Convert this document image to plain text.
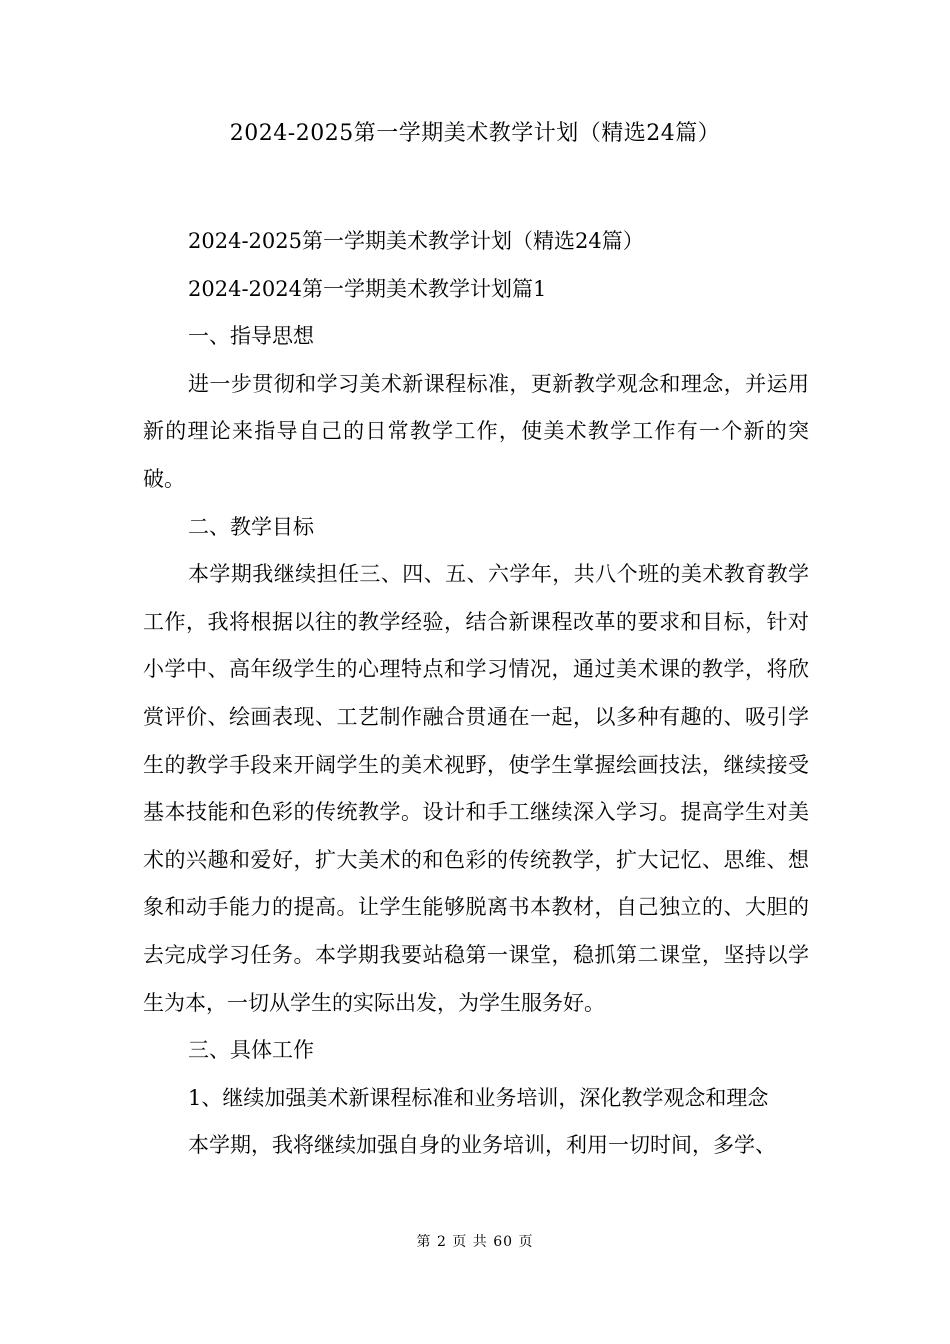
2024-2025第一学期美术教学计划（精选24篇）

2024-2025第一学期美术教学计划（精选24篇）

2024-2024第一学期美术教学计划篇1

一、指导思想

进一步贯彻和学习美术新课程标准，更新教学观念和理念，并运用新的理论来指导自己的日常教学工作，使美术教学工作有一个新的突破。

二、教学目标

本学期我继续担任三、四、五、六学年，共八个班的美术教育教学工作，我将根据以往的教学经验，结合新课程改革的要求和目标，针对小学中、高年级学生的心理特点和学习情况，通过美术课的教学，将欣赏评价、绘画表现、工艺制作融合贯通在一起，以多种有趣的、吸引学生的教学手段来开阔学生的美术视野，使学生掌握绘画技法，继续接受基本技能和色彩的传统教学。设计和手工继续深入学习。提高学生对美术的兴趣和爱好，扩大美术的和色彩的传统教学，扩大记忆、思维、想象和动手能力的提高。让学生能够脱离书本教材，自己独立的、大胆的去完成学习任务。本学期我要站稳第一课堂，稳抓第二课堂，坚持以学生为本，一切从学生的实际出发，为学生服务好。

三、具体工作

1、继续加强美术新课程标准和业务培训，深化教学观念和理念

本学期，我将继续加强自身的业务培训，利用一切时间，多学、

第 2 页 共 60 页
